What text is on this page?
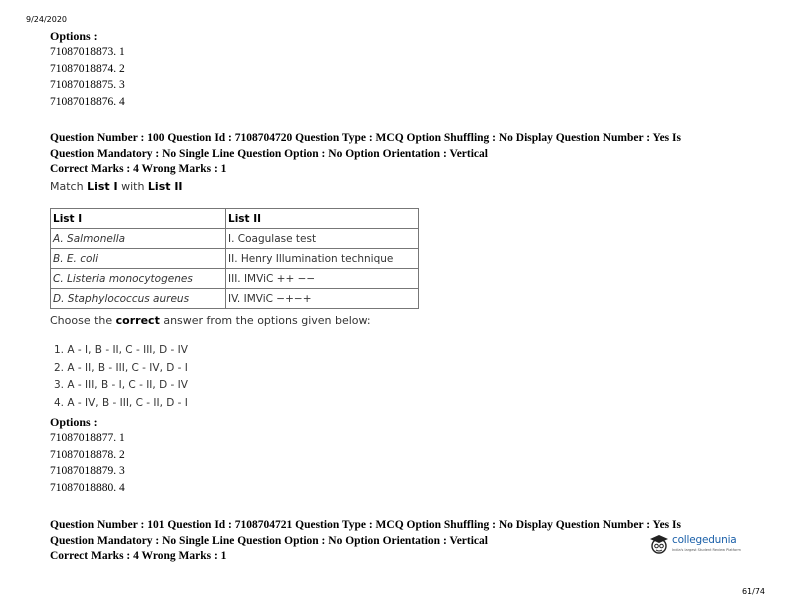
9/24/2020
Options :
71087018873. 1
71087018874. 2
71087018875. 3
71087018876. 4
Question Number : 100 Question Id : 7108704720 Question Type : MCQ Option Shuffling : No Display Question Number : Yes Is
Question Mandatory : No Single Line Question Option : No Option Orientation : Vertical
Correct Marks : 4 Wrong Marks : 1
Match List I with List II
List I	List II
A. Salmonella	I. Coagulase test
B. E. coli	II. Henry Illumination technique
C. Listeria monocytogenes	III. IMViC ++ −−
D. Staphylococcus aureus	IV. IMViC −+−+
Choose the correct answer from the options given below:
1. A - I, B - II, C - III, D - IV
2. A - II, B - III, C - IV, D - I
3. A - III, B - I, C - II, D - IV
4. A - IV, B - III, C - II, D - I
Options :
71087018877. 1
71087018878. 2
71087018879. 3
71087018880. 4
Question Number : 101 Question Id : 7108704721 Question Type : MCQ Option Shuffling : No Display Question Number : Yes Is
Question Mandatory : No Single Line Question Option : No Option Orientation : Vertical
Correct Marks : 4 Wrong Marks : 1
collegedunia
India's largest Student Review Platform
61/74
